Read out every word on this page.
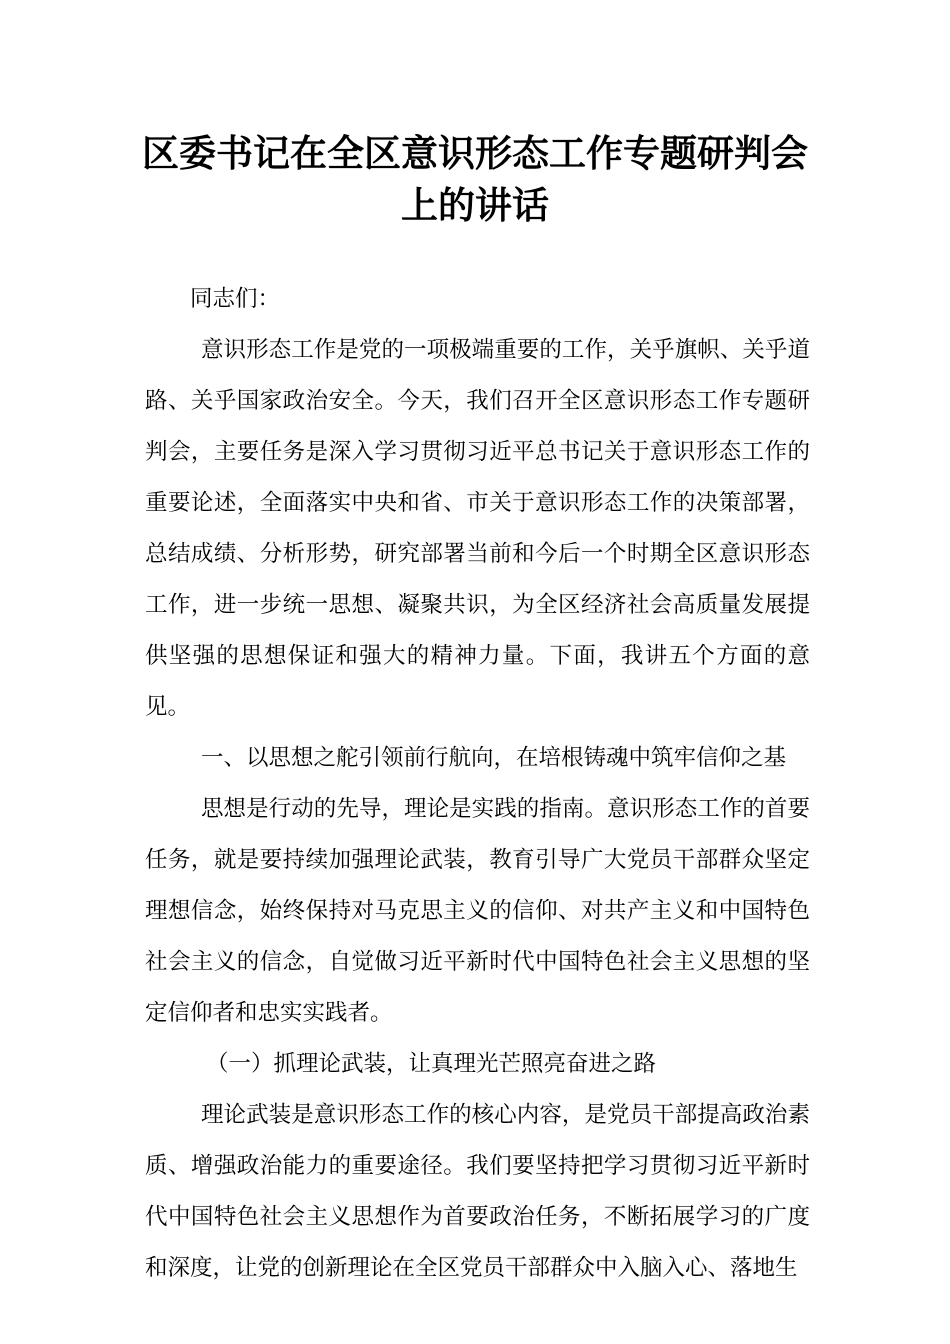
区委书记在全区意识形态工作专题研判会
上的讲话

同志们：

意识形态工作是党的一项极端重要的工作，关乎旗帜、关乎道路、关乎国家政治安全。今天，我们召开全区意识形态工作专题研判会，主要任务是深入学习贯彻习近平总书记关于意识形态工作的重要论述，全面落实中央和省、市关于意识形态工作的决策部署，总结成绩、分析形势，研究部署当前和今后一个时期全区意识形态工作，进一步统一思想、凝聚共识，为全区经济社会高质量发展提供坚强的思想保证和强大的精神力量。下面，我讲五个方面的意见。

一、以思想之舵引领前行航向，在培根铸魂中筑牢信仰之基

思想是行动的先导，理论是实践的指南。意识形态工作的首要任务，就是要持续加强理论武装，教育引导广大党员干部群众坚定理想信念，始终保持对马克思主义的信仰、对共产主义和中国特色社会主义的信念，自觉做习近平新时代中国特色社会主义思想的坚定信仰者和忠实实践者。

（一）抓理论武装，让真理光芒照亮奋进之路

理论武装是意识形态工作的核心内容，是党员干部提高政治素质、增强政治能力的重要途径。我们要坚持把学习贯彻习近平新时代中国特色社会主义思想作为首要政治任务，不断拓展学习的广度和深度，让党的创新理论在全区党员干部群众中入脑入心、落地生
